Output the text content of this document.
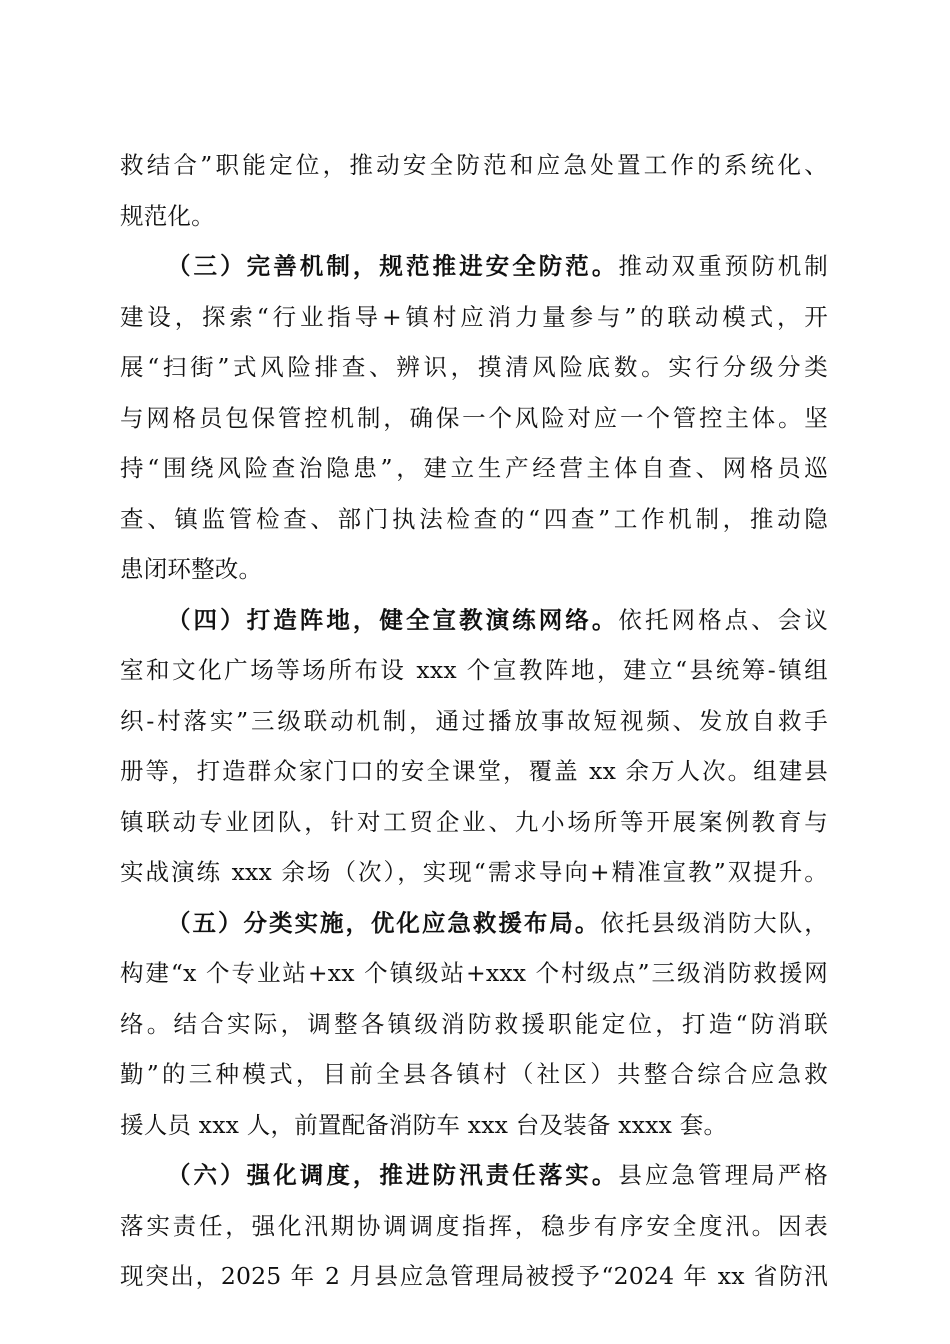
救结合”职能定位，推动安全防范和应急处置工作的系统化、
规范化。
（三）完善机制，规范推进安全防范。推动双重预防机制
建设，探索“行业指导+镇村应消力量参与”的联动模式，开
展“扫街”式风险排查、辨识，摸清风险底数。实行分级分类
与网格员包保管控机制，确保一个风险对应一个管控主体。坚
持“围绕风险查治隐患”，建立生产经营主体自查、网格员巡
查、镇监管检查、部门执法检查的“四查”工作机制，推动隐
患闭环整改。
（四）打造阵地，健全宣教演练网络。依托网格点、会议
室和文化广场等场所布设 xxx 个宣教阵地，建立“县统筹-镇组
织-村落实”三级联动机制，通过播放事故短视频、发放自救手
册等，打造群众家门口的安全课堂，覆盖 xx 余万人次。组建县
镇联动专业团队，针对工贸企业、九小场所等开展案例教育与
实战演练 xxx 余场（次），实现“需求导向+精准宣教”双提升。
（五）分类实施，优化应急救援布局。依托县级消防大队，
构建“x 个专业站+xx 个镇级站+xxx 个村级点”三级消防救援网
络。结合实际，调整各镇级消防救援职能定位，打造“防消联
勤”的三种模式，目前全县各镇村（社区）共整合综合应急救
援人员 xxx 人，前置配备消防车 xxx 台及装备 xxxx 套。
（六）强化调度，推进防汛责任落实。县应急管理局严格
落实责任，强化汛期协调调度指挥，稳步有序安全度汛。因表
现突出，2025 年 2 月县应急管理局被授予“2024 年 xx 省防汛
